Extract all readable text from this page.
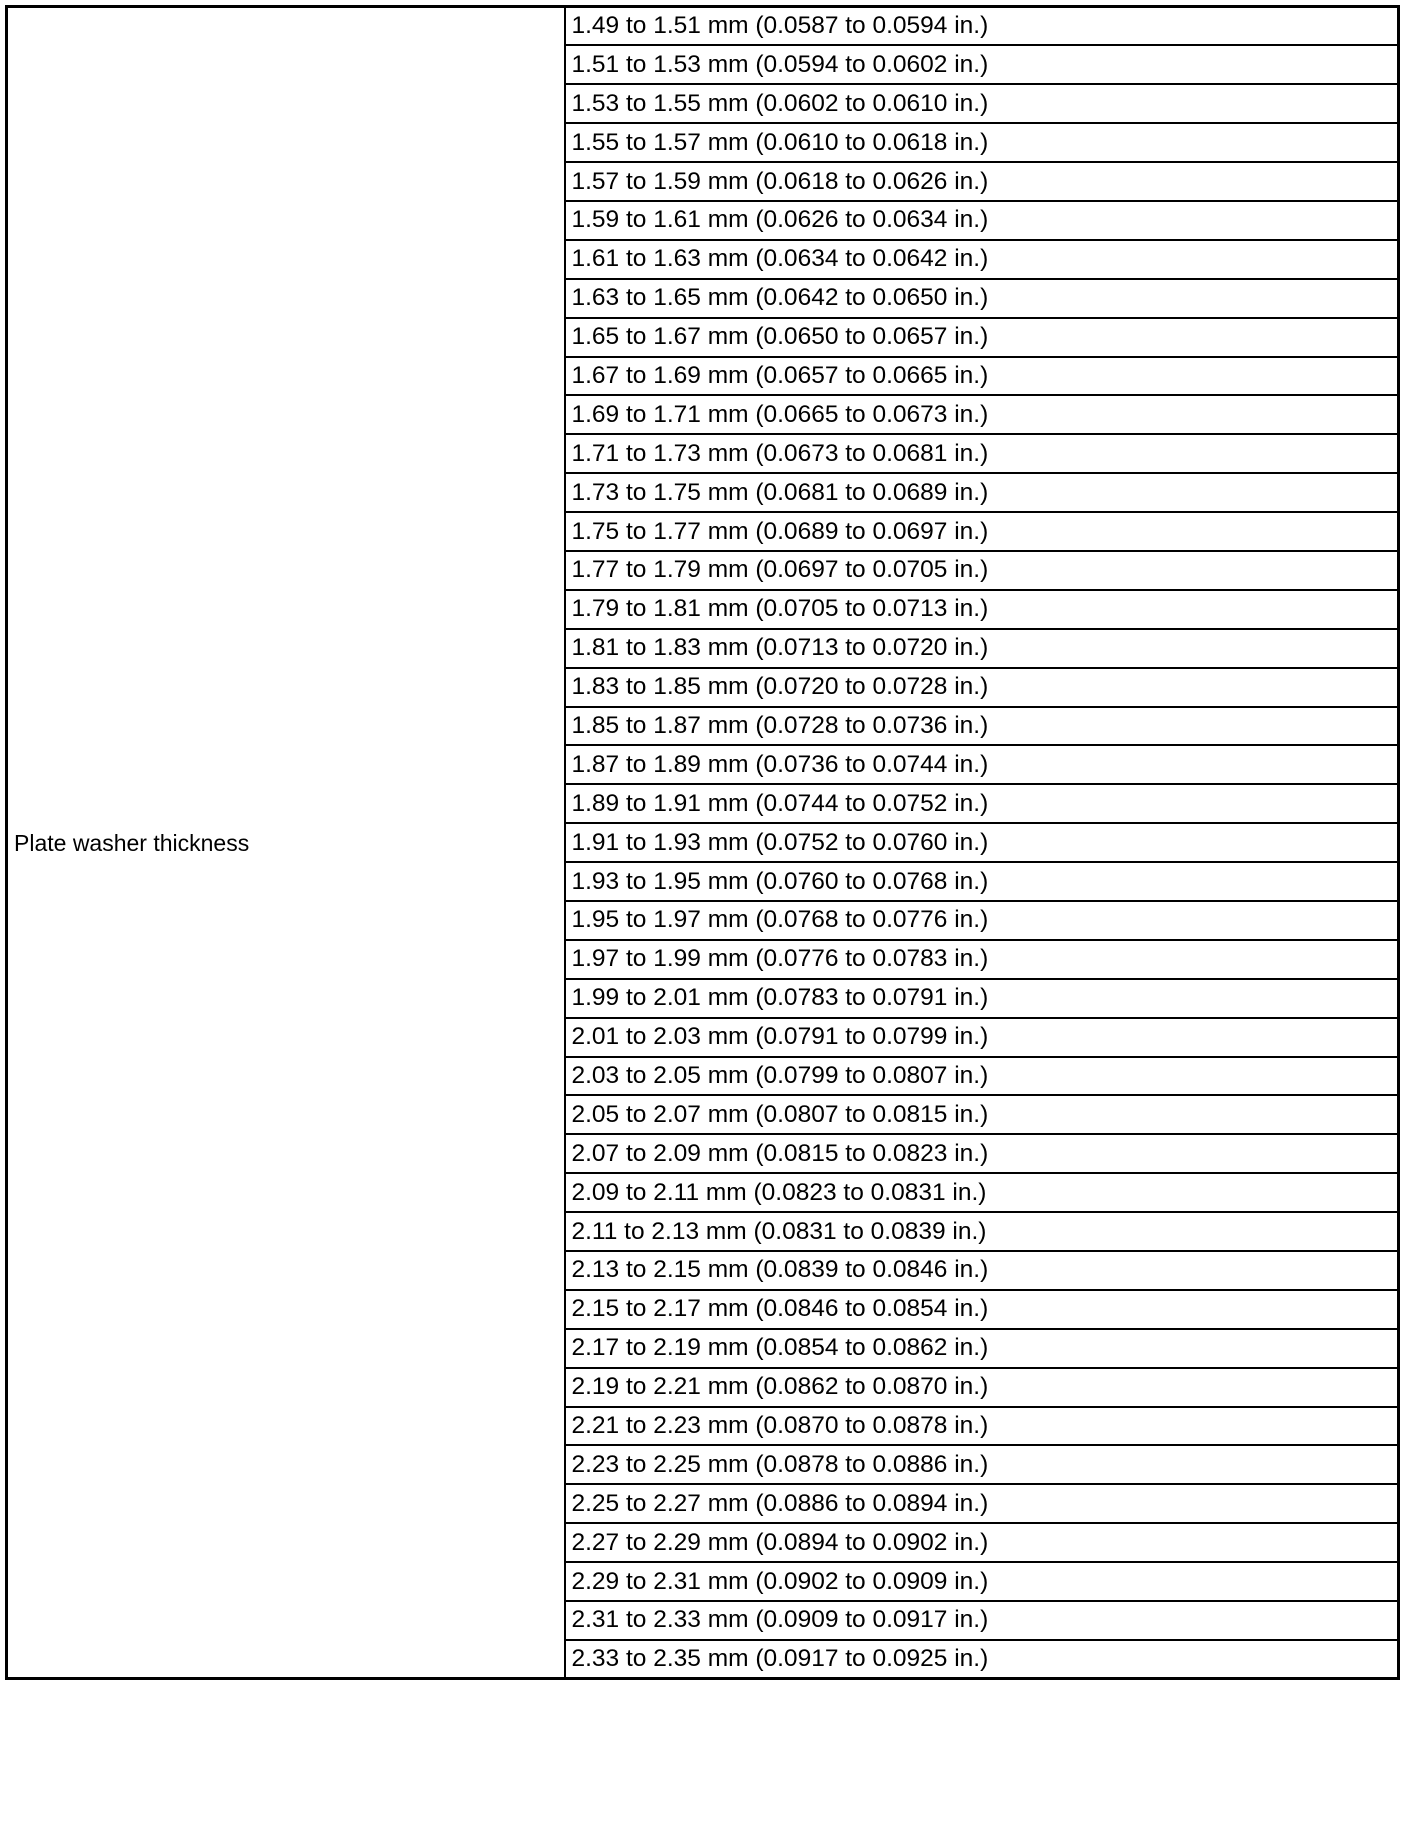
Plate washer thickness	1.49 to 1.51 mm (0.0587 to 0.0594 in.)
1.51 to 1.53 mm (0.0594 to 0.0602 in.)
1.53 to 1.55 mm (0.0602 to 0.0610 in.)
1.55 to 1.57 mm (0.0610 to 0.0618 in.)
1.57 to 1.59 mm (0.0618 to 0.0626 in.)
1.59 to 1.61 mm (0.0626 to 0.0634 in.)
1.61 to 1.63 mm (0.0634 to 0.0642 in.)
1.63 to 1.65 mm (0.0642 to 0.0650 in.)
1.65 to 1.67 mm (0.0650 to 0.0657 in.)
1.67 to 1.69 mm (0.0657 to 0.0665 in.)
1.69 to 1.71 mm (0.0665 to 0.0673 in.)
1.71 to 1.73 mm (0.0673 to 0.0681 in.)
1.73 to 1.75 mm (0.0681 to 0.0689 in.)
1.75 to 1.77 mm (0.0689 to 0.0697 in.)
1.77 to 1.79 mm (0.0697 to 0.0705 in.)
1.79 to 1.81 mm (0.0705 to 0.0713 in.)
1.81 to 1.83 mm (0.0713 to 0.0720 in.)
1.83 to 1.85 mm (0.0720 to 0.0728 in.)
1.85 to 1.87 mm (0.0728 to 0.0736 in.)
1.87 to 1.89 mm (0.0736 to 0.0744 in.)
1.89 to 1.91 mm (0.0744 to 0.0752 in.)
1.91 to 1.93 mm (0.0752 to 0.0760 in.)
1.93 to 1.95 mm (0.0760 to 0.0768 in.)
1.95 to 1.97 mm (0.0768 to 0.0776 in.)
1.97 to 1.99 mm (0.0776 to 0.0783 in.)
1.99 to 2.01 mm (0.0783 to 0.0791 in.)
2.01 to 2.03 mm (0.0791 to 0.0799 in.)
2.03 to 2.05 mm (0.0799 to 0.0807 in.)
2.05 to 2.07 mm (0.0807 to 0.0815 in.)
2.07 to 2.09 mm (0.0815 to 0.0823 in.)
2.09 to 2.11 mm (0.0823 to 0.0831 in.)
2.11 to 2.13 mm (0.0831 to 0.0839 in.)
2.13 to 2.15 mm (0.0839 to 0.0846 in.)
2.15 to 2.17 mm (0.0846 to 0.0854 in.)
2.17 to 2.19 mm (0.0854 to 0.0862 in.)
2.19 to 2.21 mm (0.0862 to 0.0870 in.)
2.21 to 2.23 mm (0.0870 to 0.0878 in.)
2.23 to 2.25 mm (0.0878 to 0.0886 in.)
2.25 to 2.27 mm (0.0886 to 0.0894 in.)
2.27 to 2.29 mm (0.0894 to 0.0902 in.)
2.29 to 2.31 mm (0.0902 to 0.0909 in.)
2.31 to 2.33 mm (0.0909 to 0.0917 in.)
2.33 to 2.35 mm (0.0917 to 0.0925 in.)
